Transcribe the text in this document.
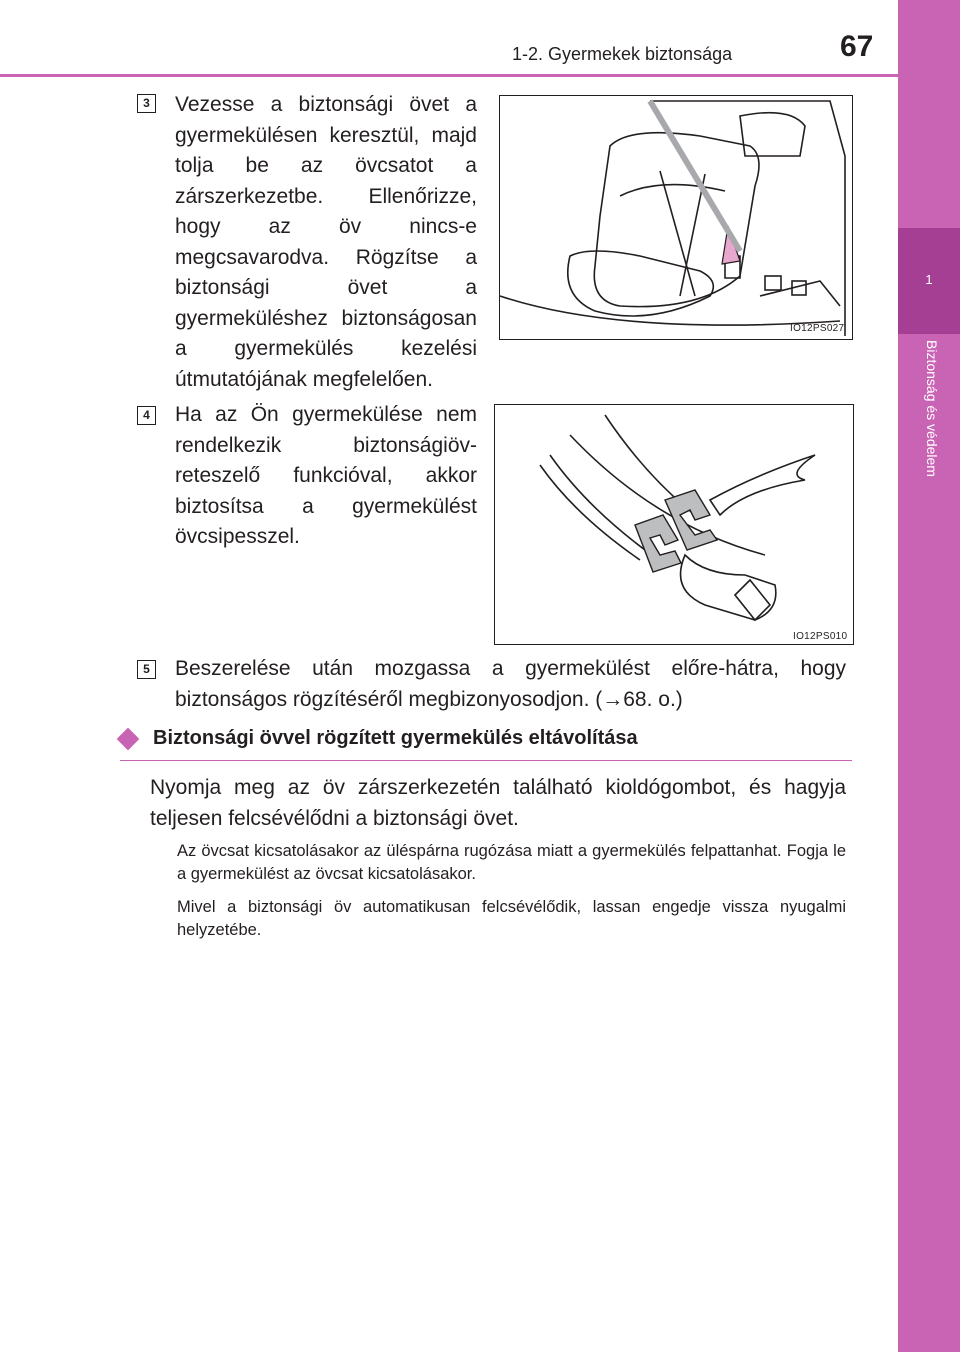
1
Biztonság és védelem
1-2. Gyermekek biztonsága	67
3 Vezesse a biztonsági övet a gyermekülésen keresztül, majd tolja be az övcsatot a zárszerkezetbe. Ellenőrizze, hogy az öv nincs-e megcsavarodva. Rögzítse a biztonsági övet a gyermeküléshez biztonságosan a gyermekülés kezelési útmutatójának megfelelően.
IO12PS027
4 Ha az Ön gyermekülése nem rendelkezik biztonságiöv-reteszelő funkcióval, akkor biztosítsa a gyermekülést övcsipesszel.
IO12PS010
5 Beszerelése után mozgassa a gyermekülést előre-hátra, hogy biztonságos rögzítéséről megbizonyosodjon. (→68. o.)
Biztonsági övvel rögzített gyermekülés eltávolítása
Nyomja meg az öv zárszerkezetén található kioldógombot, és hagyja teljesen felcsévélődni a biztonsági övet.
Az övcsat kicsatolásakor az üléspárna rugózása miatt a gyermekülés felpattanhat. Fogja le a gyermekülést az övcsat kicsatolásakor.
Mivel a biztonsági öv automatikusan felcsévélődik, lassan engedje vissza nyugalmi helyzetébe.
